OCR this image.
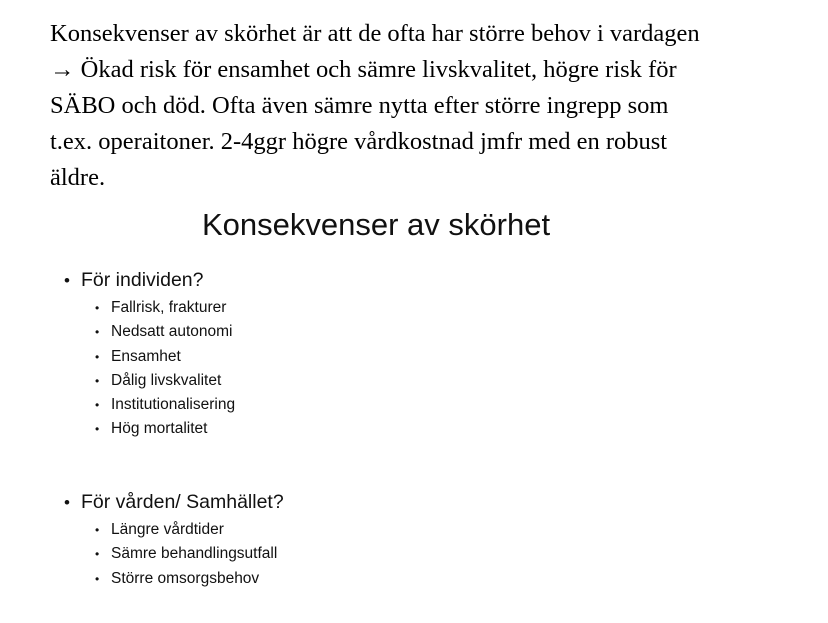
Konsekvenser av skörhet är att de ofta har större behov i vardagen
→ Ökad risk för ensamhet och sämre livskvalitet, högre risk för
SÄBO och död. Ofta även sämre nytta efter större ingrepp som
t.ex. operaitoner. 2-4ggr högre vårdkostnad jmfr med en robust
äldre.

Konsekvenser av skörhet
• För individen?
• Fallrisk, frakturer
• Nedsatt autonomi
• Ensamhet
• Dålig livskvalitet
• Institutionalisering
• Hög mortalitet
• För vården/ Samhället?
• Längre vårdtider
• Sämre behandlingsutfall
• Större omsorgsbehov
